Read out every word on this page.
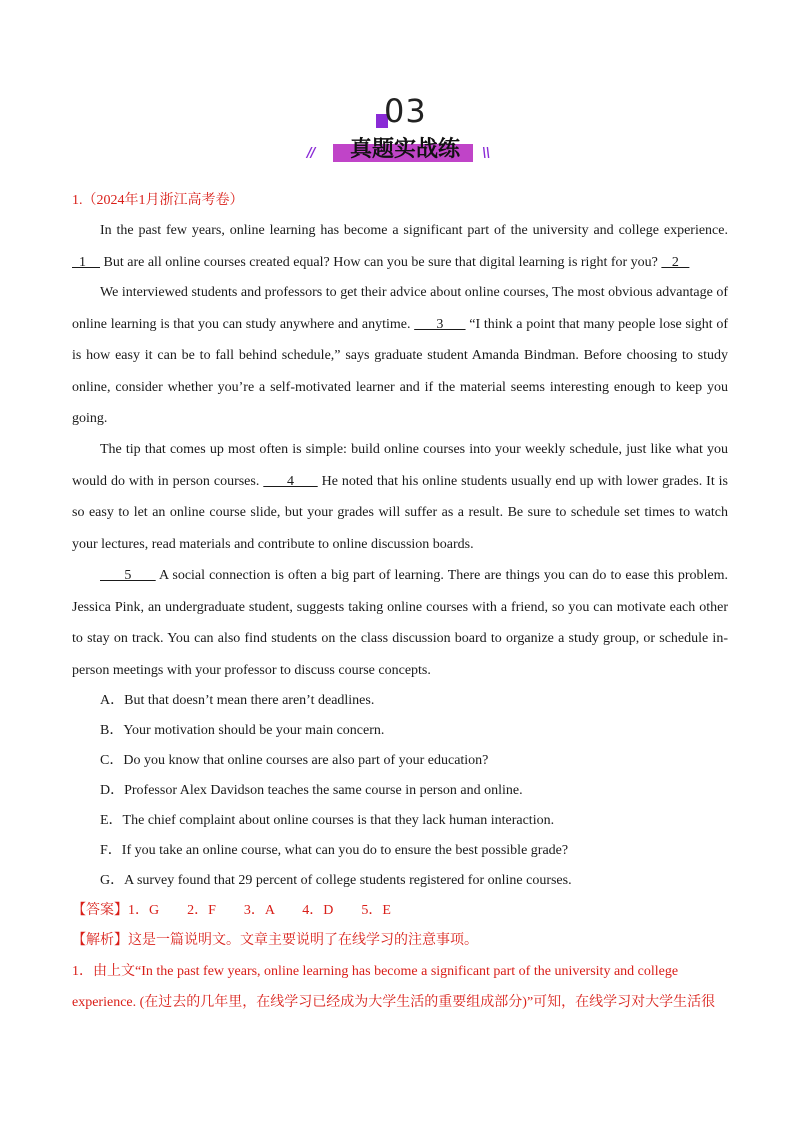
03
//	真题实战练	\\
1.（2024年1月浙江高考卷）

In the past few years, online learning has become a significant part of the university and college experience.   1     But are all online courses created equal? How can you be sure that digital learning is right for you?    2

We interviewed students and professors to get their advice about online courses, The most obvious advantage of online learning is that you can study anywhere and anytime.       3       “I think a point that many people lose sight of is how easy it can be to fall behind schedule,” says graduate student Amanda Bindman. Before choosing to study online, consider whether you’re a self-motivated learner and if the material seems interesting enough to keep you going.

The tip that comes up most often is simple: build online courses into your weekly schedule, just like what you would do with in person courses.       4       He noted that his online students usually end up with lower grades. It is so easy to let an online course slide, but your grades will suffer as a result. Be sure to schedule set times to watch your lectures, read materials and contribute to online discussion boards.

5       A social connection is often a big part of learning. There are things you can do to ease this problem. Jessica Pink, an undergraduate student, suggests taking online courses with a friend, so you can motivate each other to stay on track. You can also find students on the class discussion board to organize a study group, or schedule in-person meetings with your professor to discuss course concepts.

A．But that doesn’t mean there aren’t deadlines.

B．Your motivation should be your main concern.

C．Do you know that online courses are also part of your education?

D．Professor Alex Davidson teaches the same course in person and online.

E．The chief complaint about online courses is that they lack human interaction.

F．If you take an online course, what can you do to ensure the best possible grade?

G．A survey found that 29 percent of college students registered for online courses.

【答案】1．G　　2．F　　3．A　　4．D　　5．E
【解析】这是一篇说明文。文章主要说明了在线学习的注意事项。

1．由上文“In the past few years, online learning has become a significant part of the university and college experience. (在过去的几年里，在线学习已经成为大学生活的重要组成部分)”可知，在线学习对大学生活很
